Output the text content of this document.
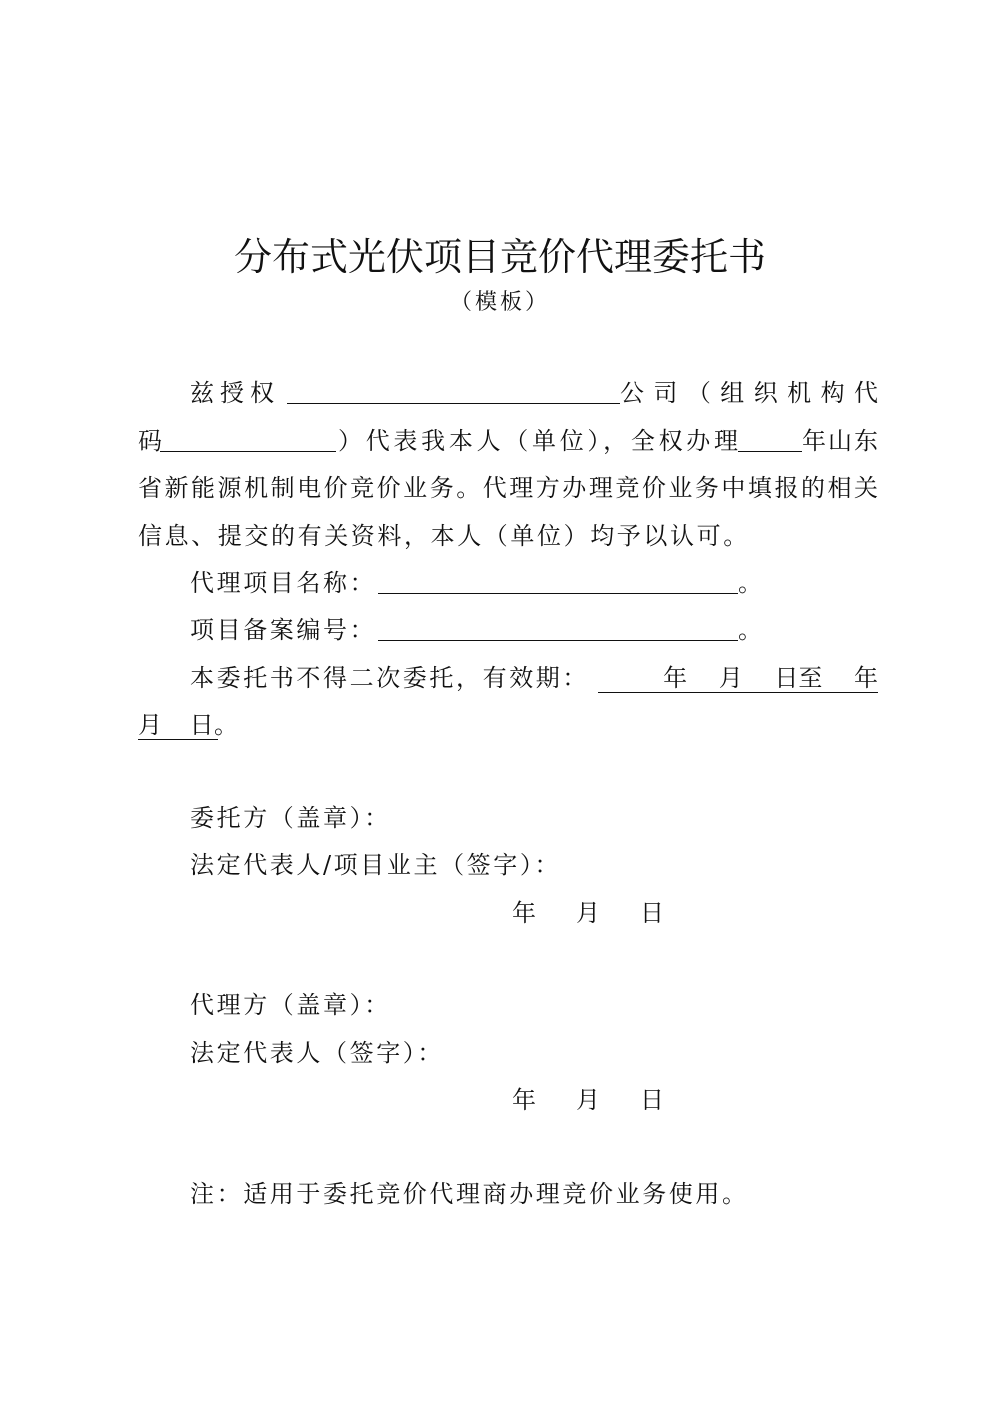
分布式光伏项目竞价代理委托书
（模板）
兹授权	公司（组织机构代
码	）代表我本人（单位），全权办理	年山东
省新能源机制电价竞价业务。代理方办理竞价业务中填报的相关
信息、提交的有关资料，本人（单位）均予以认可。
代理项目名称：	。
项目备案编号：	。
本委托书不得二次委托，有效期：	年 月 日至 年
月 日 。
委托方（盖章）：
法定代表人/项目业主（签字）：
年 月 日
代理方（盖章）：
法定代表人（签字）：
年 月 日
注：适用于委托竞价代理商办理竞价业务使用。
